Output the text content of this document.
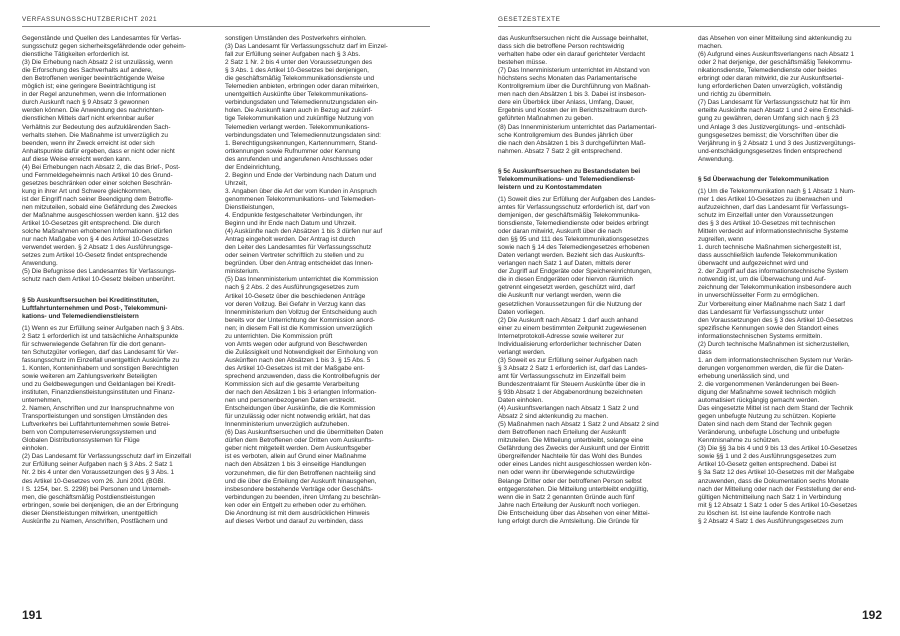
VERFASSUNGSSCHUTZBERICHT 2021

Gegenstände und Quellen des Landesamtes für Verfas-

sungsschutz gegen sicherheitsgefährdende oder geheim-

dienstliche Tätigkeiten erforderlich ist.

(3) Die Erhebung nach Absatz 2 ist unzulässig, wenn

die Erforschung des Sachverhalts auf andere,

den Betroffenen weniger beeinträchtigende Weise

möglich ist; eine geringere Beeinträchtigung ist

in der Regel anzunehmen, wenn die Informationen

durch Auskunft nach § 9 Absatz 3 gewonnen

werden können. Die Anwendung des nachrichten-

dienstlichen Mittels darf nicht erkennbar außer

Verhältnis zur Bedeutung des aufzuklärenden Sach-

verhalts stehen. Die Maßnahme ist unverzüglich zu

beenden, wenn ihr Zweck erreicht ist oder sich

Anhaltspunkte dafür ergeben, dass er nicht oder nicht

auf diese Weise erreicht werden kann.

(4) Bei Erhebungen nach Absatz 2, die das Brief-, Post-

und Fernmeldegeheimnis nach Artikel 10 des Grund-

gesetzes beschränken oder einer solchen Beschrän-

kung in ihrer Art und Schwere gleichkommen,

ist der Eingriff nach seiner Beendigung dem Betroffe-

nen mitzuteilen, sobald eine Gefährdung des Zweckes

der Maßnahme ausgeschlossen werden kann. §12 des

Artikel 10-Gesetzes gilt entsprechend. Die durch

solche Maßnahmen erhobenen Informationen dürfen

nur nach Maßgabe von § 4 des Artikel 10-Gesetzes

verwendet werden. § 2 Absatz 1 des Ausführungsge-

setzes zum Artikel 10-Gesetz findet entsprechende

Anwendung.

(5) Die Befugnisse des Landesamtes für Verfassungs-

schutz nach dem Artikel 10-Gesetz bleiben unberührt.

§ 5b Auskunftsersuchen bei Kreditinstituten,

Luftfahrtunternehmen und Post-, Telekommuni-

kations- und Telemediendienstleistern

(1) Wenn es zur Erfüllung seiner Aufgaben nach § 3 Abs.

2 Satz 1 erforderlich ist und tatsächliche Anhaltspunkte

für schwerwiegende Gefahren für die dort genann-

ten Schutzgüter vorliegen, darf das Landesamt für Ver-

fassungsschutz im Einzelfall unentgeltlich Auskünfte zu

1. Konten, Konteninhabern und sonstigen Berechtigten

sowie weiteren am Zahlungsverkehr Beteiligten

und zu Geldbewegungen und Geldanlagen bei Kredit-

instituten, Finanzdienstleistungsinstituten und Finanz-

unternehmen,

2. Namen, Anschriften und zur Inanspruchnahme von

Transportleistungen und sonstigen Umständen des

Luftverkehrs bei Luftfahrtunternehmen sowie Betrei-

bern von Computerreservierungssystemen und

Globalen Distributionssystemen für Flüge

einholen.

(2) Das Landesamt für Verfassungsschutz darf im Einzelfall

zur Erfüllung seiner Aufgaben nach § 3 Abs. 2 Satz 1

Nr. 2 bis 4 unter den Voraussetzungen des § 3 Abs. 1

des Artikel 10-Gesetzes vom 26. Juni 2001 (BGBl.

I S. 1254, ber. S. 2298) bei Personen und Unterneh-

men, die geschäftsmäßig Postdienstleistungen

erbringen, sowie bei denjenigen, die an der Erbringung

dieser Dienstleistungen mitwirken, unentgeltlich

Auskünfte zu Namen, Anschriften, Postfächern und

sonstigen Umständen des Postverkehrs einholen.

(3) Das Landesamt für Verfassungsschutz darf im Einzel-

fall zur Erfüllung seiner Aufgaben nach § 3 Abs.

2 Satz 1 Nr. 2 bis 4 unter den Voraussetzungen des

§ 3 Abs. 1 des Artikel 10-Gesetzes bei denjenigen,

die geschäftsmäßig Telekommunikationsdienste und

Telemedien anbieten, erbringen oder daran mitwirken,

unentgeltlich Auskünfte über Telekommunikations-

verbindungsdaten und Telemediennutzungsdaten ein-

holen. Die Auskunft kann auch in Bezug auf zukünf-

tige Telekommunikation und zukünftige Nutzung von

Telemedien verlangt werden. Telekommunikations-

verbindungsdaten und Telemediennutzungsdaten sind:

1. Berechtigungskennungen, Kartennummern, Stand-

ortkennungen sowie Rufnummer oder Kennung

des anrufenden und angerufenen Anschlusses oder

der Endeinrichtung,

2. Beginn und Ende der Verbindung nach Datum und

Uhrzeit,

3. Angaben über die Art der vom Kunden in Anspruch

genommenen Telekommunikations- und Telemedien-

Dienstleistungen,

4. Endpunkte festgeschalteter Verbindungen, ihr

Beginn und ihr Ende nach Datum und Uhrzeit.

(4) Auskünfte nach den Absätzen 1 bis 3 dürfen nur auf

Antrag eingeholt werden. Der Antrag ist durch

den Leiter des Landesamtes für Verfassungsschutz

oder seinen Vertreter schriftlich zu stellen und zu

begründen. Über den Antrag entscheidet das Innen-

ministerium.

(5) Das Innenministerium unterrichtet die Kommission

nach § 2 Abs. 2 des Ausführungsgesetzes zum

Artikel 10-Gesetz über die beschiedenen Anträge

vor deren Vollzug. Bei Gefahr in Verzug kann das

Innenministerium den Vollzug der Entscheidung auch

bereits vor der Unterrichtung der Kommission anord-

nen; in diesem Fall ist die Kommission unverzüglich

zu unterrichten. Die Kommission prüft

von Amts wegen oder aufgrund von Beschwerden

die Zulässigkeit und Notwendigkeit der Einholung von

Auskünften nach den Absätzen 1 bis 3. § 15 Abs. 5

des Artikel 10-Gesetzes ist mit der Maßgabe ent-

sprechend anzuwenden, dass die Kontrollbefugnis der

Kommission sich auf die gesamte Verarbeitung

der nach den Absätzen 1 bis 3 erlangten Information-

nen und personenbezogenen Daten erstreckt.

Entscheidungen über Auskünfte, die die Kommission

für unzulässig oder nicht notwendig erklärt, hat das

Innenministerium unverzüglich aufzuheben.

(6) Das Auskunftsersuchen und die übermittelten Daten

dürfen dem Betroffenen oder Dritten vom Auskunfts-

geber nicht mitgeteilt werden. Dem Auskunftsgeber

ist es verboten, allein auf Grund einer Maßnahme

nach den Absätzen 1 bis 3 einseitige Handlungen

vorzunehmen, die für den Betroffenen nachteilig sind

und die über die Erteilung der Auskunft hinausgehen,

insbesondere bestehende Verträge oder Geschäfts-

verbindungen zu beenden, ihren Umfang zu beschrän-

ken oder ein Entgelt zu erheben oder zu erhöhen.

Die Anordnung ist mit dem ausdrücklichen Hinweis

auf dieses Verbot und darauf zu verbinden, dass

191
GESETZESTEXTE

das Auskunftsersuchen nicht die Aussage beinhaltet,

dass sich die betroffene Person rechtswidrig

verhalten habe oder ein darauf gerichteter Verdacht

bestehen müsse.

(7) Das Innenministerium unterrichtet im Abstand von

höchstens sechs Monaten das Parlamentarische

Kontrollgremium über die Durchführung von Maßnah-

men nach den Absätzen 1 bis 3. Dabei ist insbeson-

dere ein Überblick über Anlass, Umfang, Dauer,

Ergebnis und Kosten der im Berichtszeitraum durch-

geführten Maßnahmen zu geben.

(8) Das Innenministerium unterrichtet das Parlamentari-

sche Kontrollgremium des Bundes jährlich über

die nach den Absätzen 1 bis 3 durchgeführten Maß-

nahmen. Absatz 7 Satz 2 gilt entsprechend.

§ 5c Auskunftsersuchen zu Bestandsdaten bei

Telekommunikations- und Telemediendienst-

leistern und zu Kontostammdaten

(1) Soweit dies zur Erfüllung der Aufgaben des Landes-

amtes für Verfassungsschutz erforderlich ist, darf von

demjenigen, der geschäftsmäßig Telekommunika-

tionsdienste, Telemediendienste oder beides erbringt

oder daran mitwirkt, Auskunft über die nach

den §§ 95 und 111 des Telekommunikationsgesetzes

sowie nach § 14 des Telemediengesetzes erhobenen

Daten verlangt werden. Bezieht sich das Auskunfts-

verlangen nach Satz 1 auf Daten, mittels derer

der Zugriff auf Endgeräte oder Speichereinrichtungen,

die in diesen Endgeräten oder hiervon räumlich

getrennt eingesetzt werden, geschützt wird, darf

die Auskunft nur verlangt werden, wenn die

gesetzlichen Voraussetzungen für die Nutzung der

Daten vorliegen.

(2) Die Auskunft nach Absatz 1 darf auch anhand

einer zu einem bestimmten Zeitpunkt zugewiesenen

Internetprotokoll-Adresse sowie weiterer zur

Individualisierung erforderlicher technischer Daten

verlangt werden.

(3) Soweit es zur Erfüllung seiner Aufgaben nach

§ 3 Absatz 2 Satz 1 erforderlich ist, darf das Landes-

amt für Verfassungsschutz im Einzelfall beim

Bundeszentralamt für Steuern Auskünfte über die in

§ 93b Absatz 1 der Abgabenordnung bezeichneten

Daten einholen.

(4) Auskunftsverlangen nach Absatz 1 Satz 2 und

Absatz 2 sind aktenkundig zu machen.

(5) Maßnahmen nach Absatz 1 Satz 2 und Absatz 2 sind

dem Betroffenen nach Erteilung der Auskunft

mitzuteilen. Die Mitteilung unterbleibt, solange eine

Gefährdung des Zwecks der Auskunft und der Eintritt

übergreifender Nachteile für das Wohl des Bundes

oder eines Landes nicht ausgeschlossen werden kön-

nen oder wenn ihr überwiegende schutzwürdige

Belange Dritter oder der betroffenen Person selbst

entgegenstehen. Die Mitteilung unterbleibt endgültig,

wenn die in Satz 2 genannten Gründe auch fünf

Jahre nach Erteilung der Auskunft noch vorliegen.

Die Entscheidung über das Absehen von einer Mittei-

lung erfolgt durch die Amtsleitung. Die Gründe für

das Absehen von einer Mitteilung sind aktenkundig zu

machen.

(6) Aufgrund eines Auskunftsverlangens nach Absatz 1

oder 2 hat derjenige, der geschäftsmäßig Telekommu-

nikationsdienste, Telemediendienste oder beides

erbringt oder daran mitwirkt, die zur Auskunftsertei-

lung erforderlichen Daten unverzüglich, vollständig

und richtig zu übermitteln.

(7) Das Landesamt für Verfassungsschutz hat für ihm

erteilte Auskünfte nach Absatz 1 und 2 eine Entschädi-

gung zu gewähren, deren Umfang sich nach § 23

und Anlage 3 des Justizvergütungs- und -entschädi-

gungsgesetzes bemisst; die Vorschriften über die

Verjährung in § 2 Absatz 1 und 3 des Justizvergütungs-

und-entschädigungsgesetzes finden entsprechend

Anwendung.

§ 5d Überwachung der Telekommunikation

(1) Um die Telekommunikation nach § 1 Absatz 1 Num-

mer 1 des Artikel 10-Gesetzes zu überwachen und

aufzuzeichnen, darf das Landesamt für Verfassungs-

schutz im Einzelfall unter den Voraussetzungen

des § 3 des Artikel 10-Gesetzes mit technischen

Mitteln verdeckt auf informationstechnische Systeme

zugreifen, wenn

1. durch technische Maßnahmen sichergestellt ist,

dass ausschließlich laufende Telekommunikation

überwacht und aufgezeichnet wird und

2. der Zugriff auf das informationstechnische System

notwendig ist, um die Überwachung und Auf-

zeichnung der Telekommunikation insbesondere auch

in unverschlüsselter Form zu ermöglichen.

Zur Vorbereitung einer Maßnahme nach Satz 1 darf

das Landesamt für Verfassungsschutz unter

den Voraussetzungen des § 3 des Artikel 10-Gesetzes

spezifische Kennungen sowie den Standort eines

informationstechnischen Systems ermitteln.

(2) Durch technische Maßnahmen ist sicherzustellen,

dass

1. an dem informationstechnischen System nur Verän-

derungen vorgenommen werden, die für die Daten-

erhebung unerlässlich sind, und

2. die vorgenommenen Veränderungen bei Been-

digung der Maßnahme soweit technisch möglich

automatisiert rückgängig gemacht werden.

Das eingesetzte Mittel ist nach dem Stand der Technik

gegen unbefugte Nutzung zu schützen. Kopierte

Daten sind nach dem Stand der Technik gegen

Veränderung, unbefugte Löschung und unbefugte

Kenntnisnahme zu schützen.

(3) Die §§ 3a bis 4 und 9 bis 13 des Artikel 10-Gesetzes

sowie §§ 1 und 2 des Ausführungsgesetzes zum

Artikel 10-Gesetz gelten entsprechend. Dabei ist

§ 3a Satz 12 des Artikel 10-Gesetzes mit der Maßgabe

anzuwenden, dass die Dokumentation sechs Monate

nach der Mitteilung oder nach der Feststellung der end-

gültigen Nichtmitteilung nach Satz 1 in Verbindung

mit § 12 Absatz 1 Satz 1 oder 5 des Artikel 10-Gesetzes

zu löschen ist. Ist eine laufende Kontrolle nach

§ 2 Absatz 4 Satz 1 des Ausführungsgesetzes zum

192
